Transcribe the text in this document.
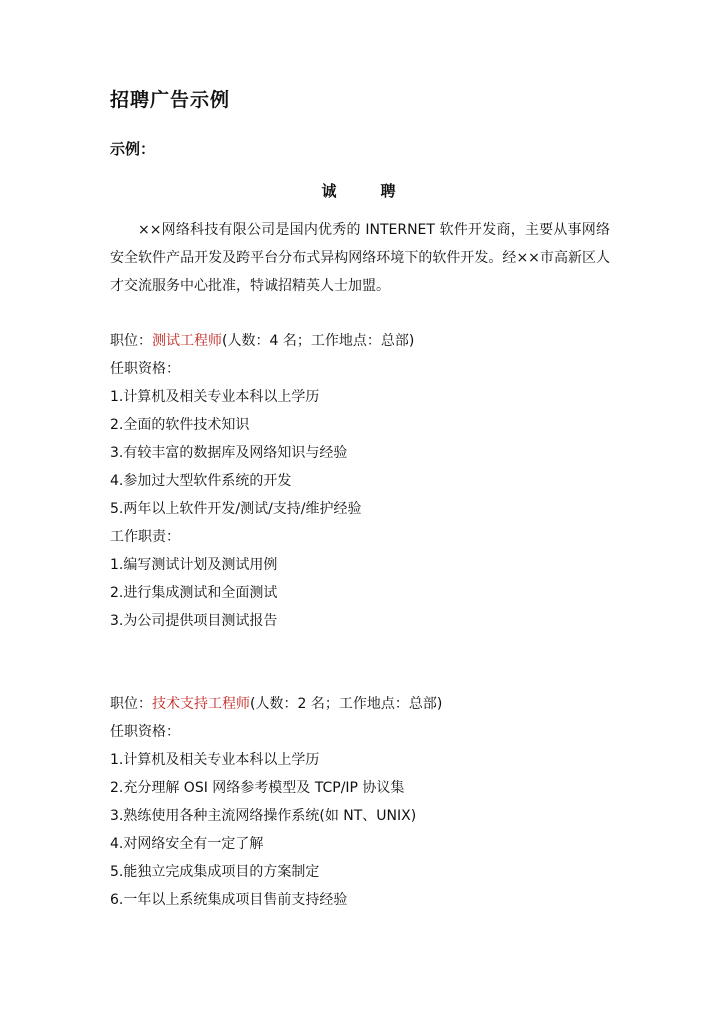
招聘广告示例
示例：
诚	聘
××网络科技有限公司是国内优秀的 INTERNET 软件开发商，主要从事网络安全软件产品开发及跨平台分布式异构网络环境下的软件开发。经××市高新区人才交流服务中心批准，特诚招精英人士加盟。
职位：测试工程师(人数：4 名；工作地点：总部)
任职资格：
1.计算机及相关专业本科以上学历
2.全面的软件技术知识
3.有较丰富的数据库及网络知识与经验
4.参加过大型软件系统的开发
5.两年以上软件开发/测试/支持/维护经验
工作职责：
1.编写测试计划及测试用例
2.进行集成测试和全面测试
3.为公司提供项目测试报告
职位：技术支持工程师(人数：2 名；工作地点：总部)
任职资格：
1.计算机及相关专业本科以上学历
2.充分理解 OSI 网络参考模型及 TCP/IP 协议集
3.熟练使用各种主流网络操作系统(如 NT、UNIX)
4.对网络安全有一定了解
5.能独立完成集成项目的方案制定
6.一年以上系统集成项目售前支持经验
